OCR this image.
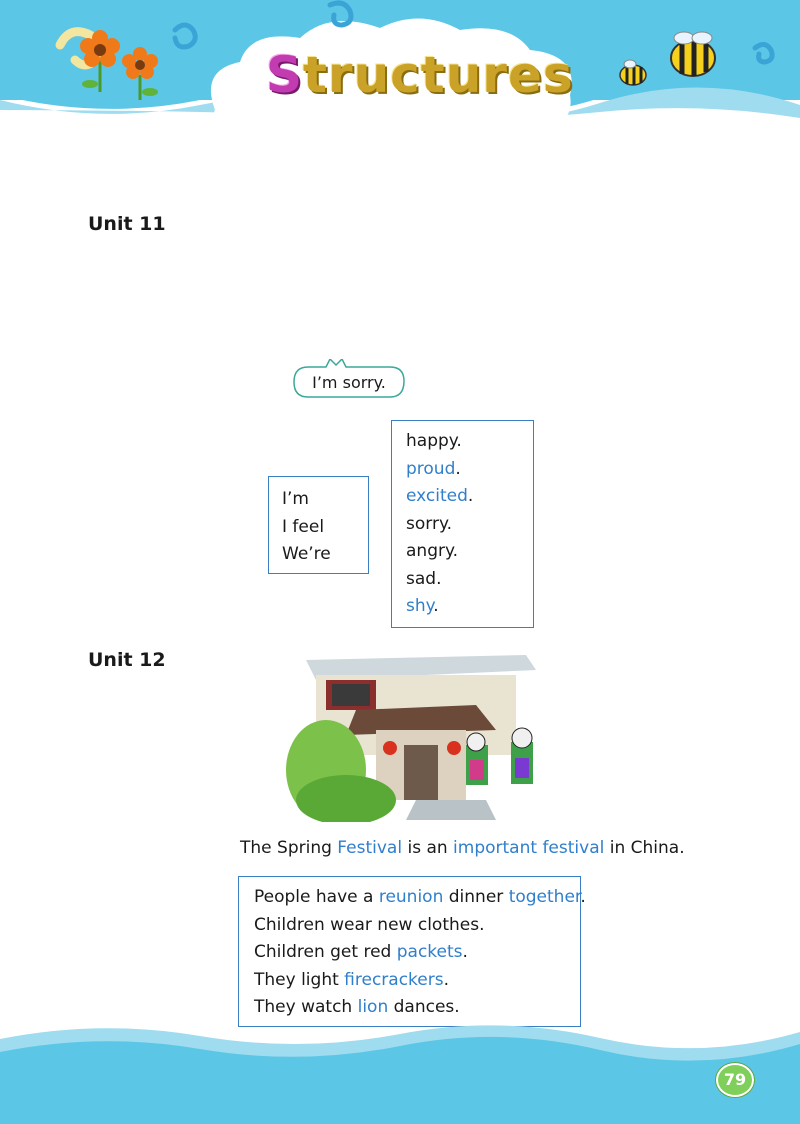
Structures
Unit 11
I’m sorry.
I’m
I feel
We’re
happy.
proud.
excited.
sorry.
angry.
sad.
shy.
Unit 12
The Spring Festival is an important festival in China.
People have a reunion dinner together.
Children wear new clothes.
Children get red packets.
They light firecrackers.
They watch lion dances.
79
